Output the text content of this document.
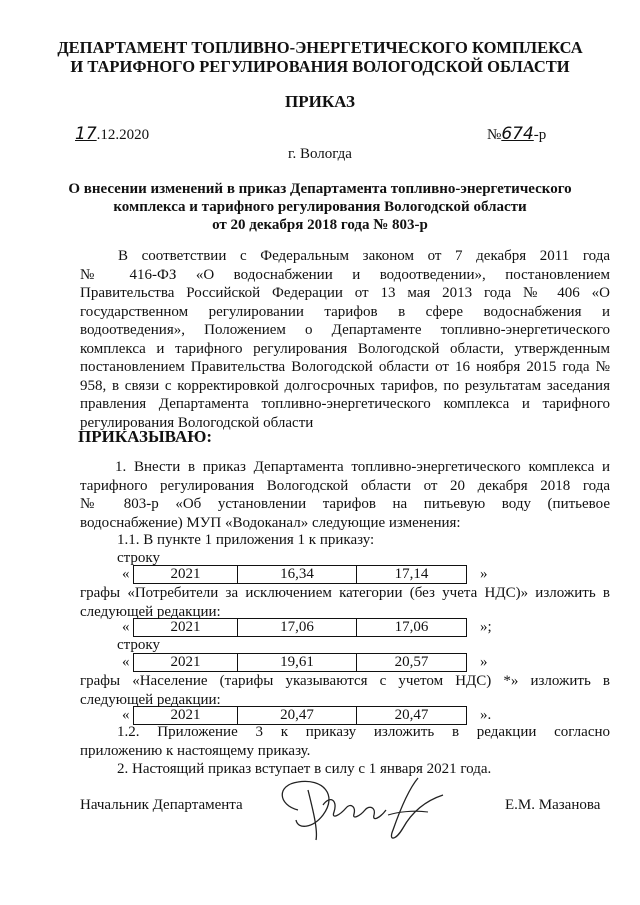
ДЕПАРТАМЕНТ ТОПЛИВНО-ЭНЕРГЕТИЧЕСКОГО КОМПЛЕКСА
И ТАРИФНОГО РЕГУЛИРОВАНИЯ ВОЛОГОДСКОЙ ОБЛАСТИ
ПРИКАЗ
17.12.2020	№674-р
г. Вологда
О внесении изменений в приказ Департамента топливно-энергетического
комплекса и тарифного регулирования Вологодской области
от 20 декабря 2018 года № 803-р
В соответствии с Федеральным законом от 7 декабря 2011 года
№ 416-ФЗ «О водоснабжении и водоотведении», постановлением
Правительства Российской Федерации от 13 мая 2013 года № 406 «О
государственном регулировании тарифов в сфере водоснабжения и
водоотведения», Положением о Департаменте топливно-энергетического
комплекса и тарифного регулирования Вологодской области, утвержденным
постановлением Правительства Вологодской области от 16 ноября 2015 года №
958, в связи с корректировкой долгосрочных тарифов, по результатам заседания
правления Департамента топливно-энергетического комплекса и тарифного
регулирования Вологодской области
ПРИКАЗЫВАЮ:
1. Внести в приказ Департамента топливно-энергетического комплекса и
тарифного регулирования Вологодской области от 20 декабря 2018 года
№ 803-р «Об установлении тарифов на питьевую воду (питьевое
водоснабжение) МУП «Водоканал» следующие изменения:
1.1. В пункте 1 приложения 1 к приказу:
строку
«	2021	16,34	17,14	»
графы «Потребители за исключением категории (без учета НДС)» изложить в
следующей редакции:
«	2021	17,06	17,06	»;
строку
«	2021	19,61	20,57	»
графы «Население (тарифы указываются с учетом НДС) *» изложить в
следующей редакции:
«	2021	20,47	20,47	».
1.2. Приложение 3 к приказу изложить в редакции согласно
приложению к настоящему приказу.
2. Настоящий приказ вступает в силу с 1 января 2021 года.
Начальник Департамента	Е.М. Мазанова
